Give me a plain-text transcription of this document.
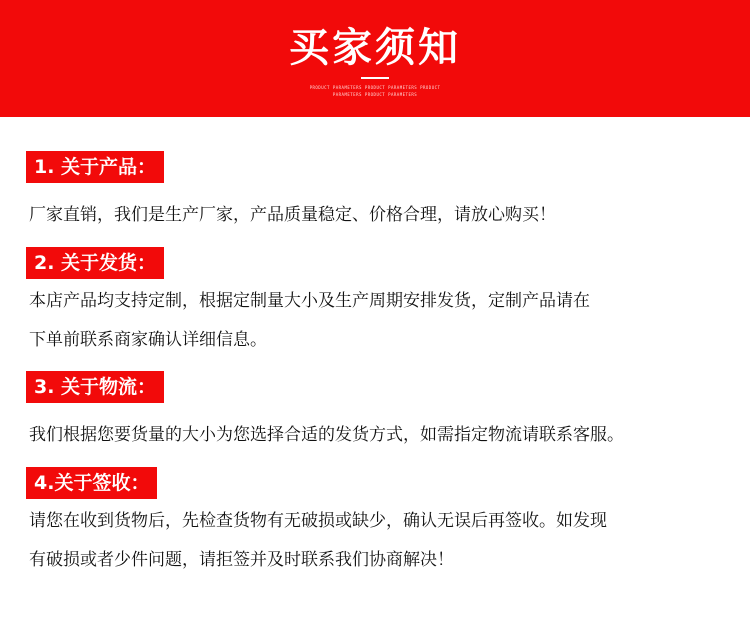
买家须知
PRODUCT PARAMETERS PRODUCT PARAMETERS PRODUCT
PARAMETERS PRODUCT PARAMETERS
1. 关于产品：
厂家直销，我们是生产厂家，产品质量稳定、价格合理，请放心购买！
2. 关于发货：
本店产品均支持定制，根据定制量大小及生产周期安排发货，定制产品请在
下单前联系商家确认详细信息。
3. 关于物流：
我们根据您要货量的大小为您选择合适的发货方式，如需指定物流请联系客服。
4.关于签收：
请您在收到货物后，先检查货物有无破损或缺少，确认无误后再签收。如发现
有破损或者少件问题，请拒签并及时联系我们协商解决！
